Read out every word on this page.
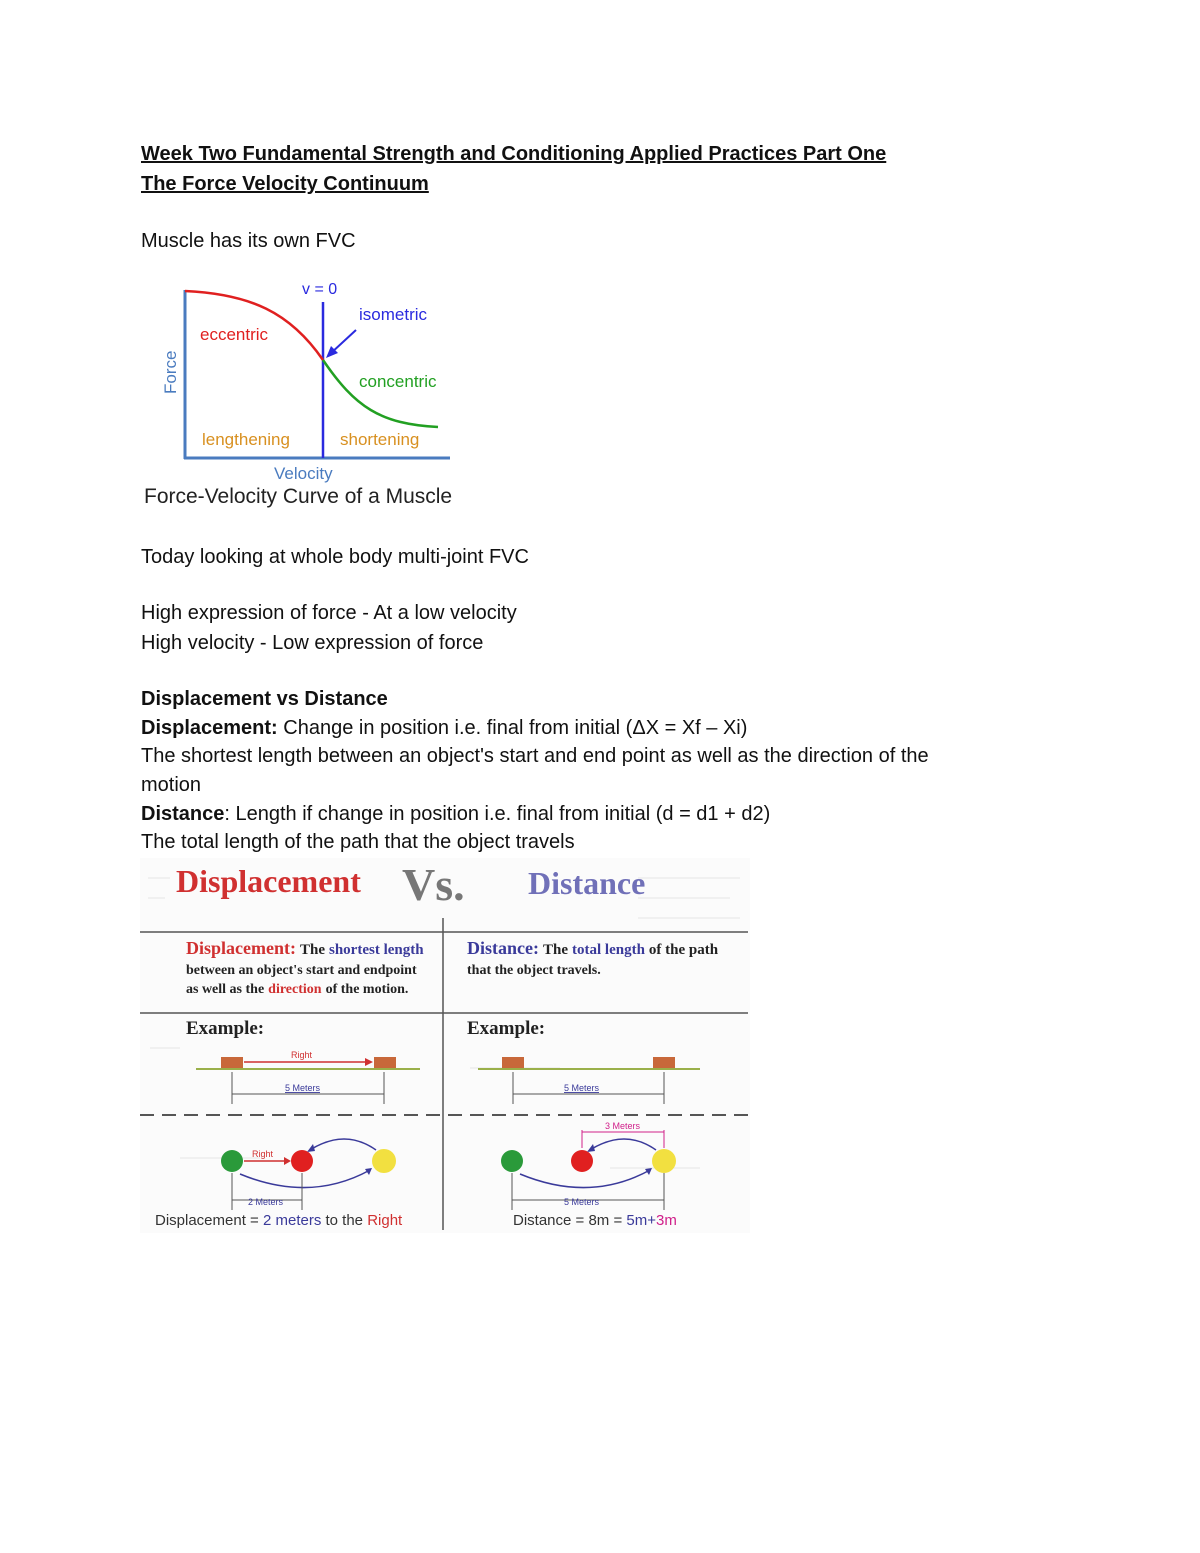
Week Two Fundamental Strength and Conditioning Applied Practices Part One
The Force Velocity Continuum
Muscle has its own FVC
v = 0
isometric
eccentric
concentric
Force
lengthening	shortening
Velocity
Force-Velocity Curve of a Muscle
Today looking at whole body multi-joint FVC
High expression of force - At a low velocity
High velocity - Low expression of force
Displacement vs Distance
Displacement: Change in position i.e. final from initial (ΔX = Xf – Xi)
The shortest length between an object's start and end point as well as the direction of the
motion
Distance: Length if change in position i.e. final from initial (d = d1 + d2)
The total length of the path that the object travels
Displacement Vs. Distance
Displacement: The shortest length
between an object's start and endpoint
as well as the direction of the motion.
Distance: The total length of the path
that the object travels.
Example:	Example:
Right
5 Meters	5 Meters
Right
2 Meters
Displacement = 2 meters to the Right
3 Meters
5 Meters
Distance = 8m = 5m+3m
